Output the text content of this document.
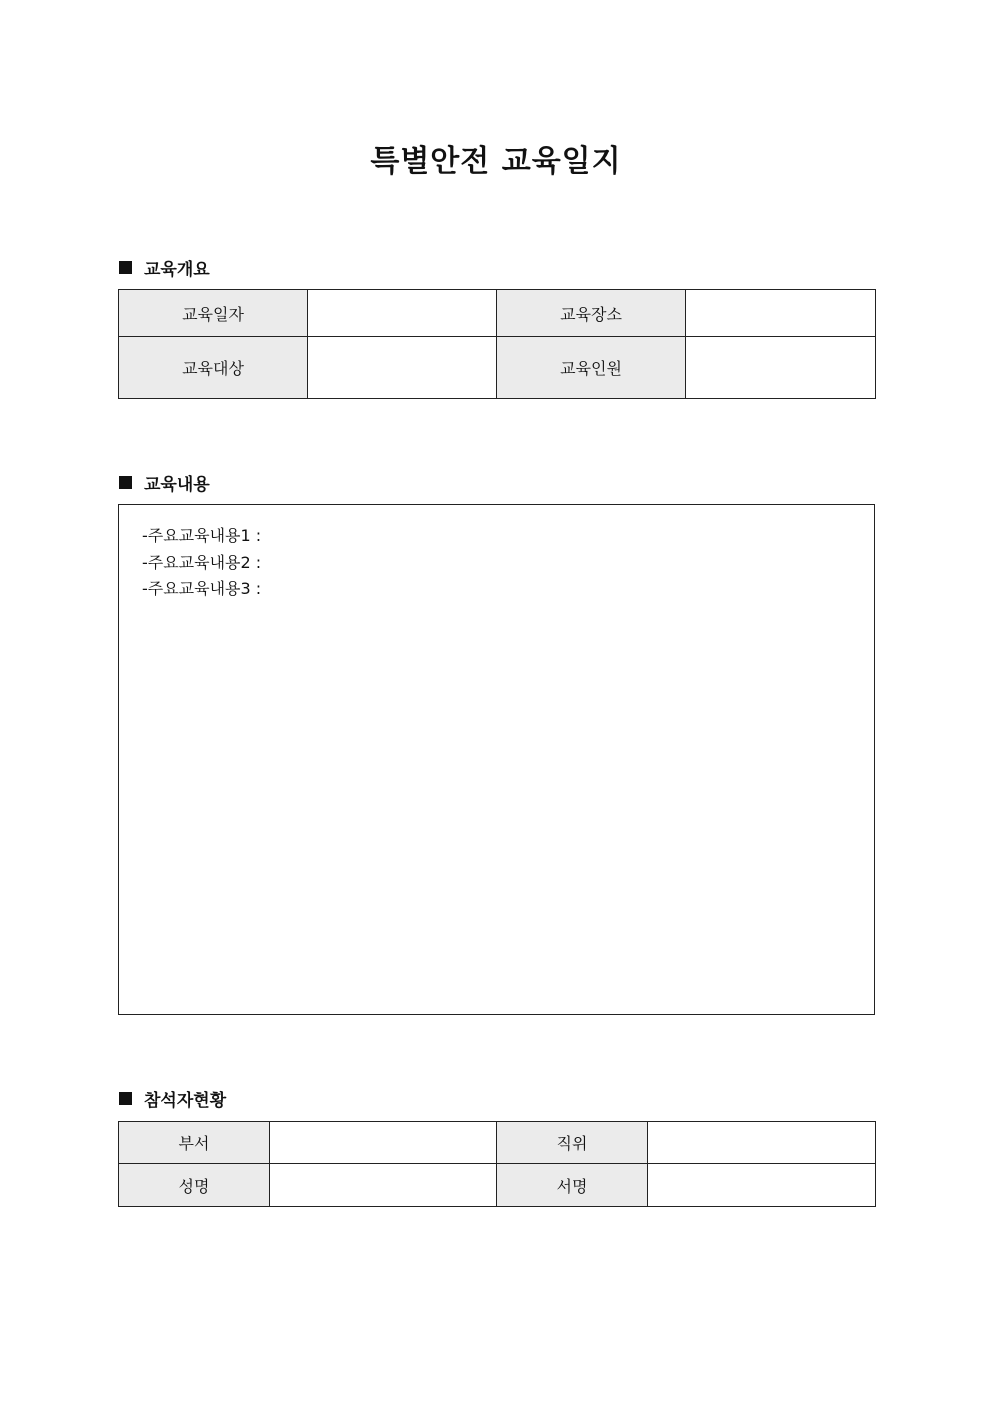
특별안전 교육일지
교육개요
교육일자		교육장소	
교육대상		교육인원	
교육내용
-주요교육내용1 :
-주요교육내용2 :
-주요교육내용3 :
참석자현황
부서		직위	
성명		서명	
